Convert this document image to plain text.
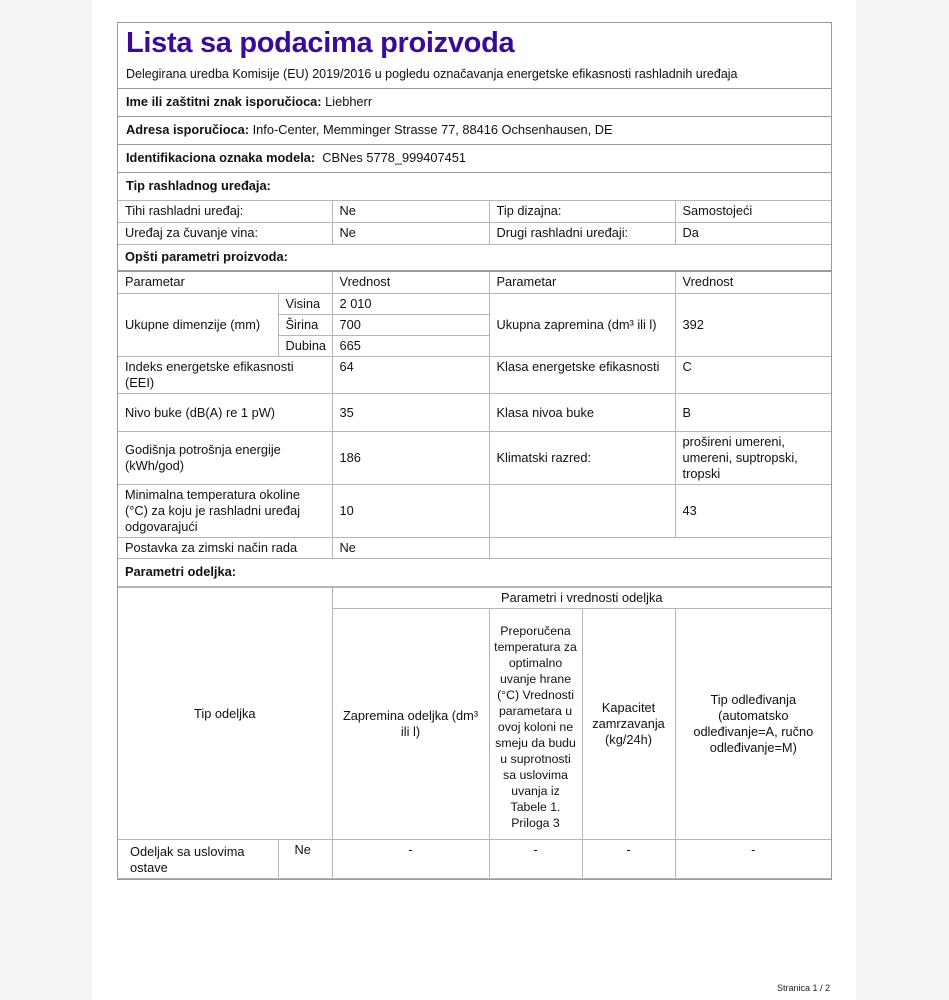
Lista sa podacima proizvoda
Delegirana uredba Komisije (EU) 2019/2016 u pogledu označavanja energetske efikasnosti rashladnih uređaja
Ime ili zaštitni znak isporučioca: Liebherr
Adresa isporučioca: Info-Center, Memminger Strasse 77, 88416 Ochsenhausen, DE
Identifikaciona oznaka modela: CBNes 5778_999407451
Tip rashladnog uređaja:
Tihi rashladni uređaj:		Ne	Tip dizajna:	Samostojeći
Uređaj za čuvanje vina:		Ne	Drugi rashladni uređaji:	Da
Opšti parametri proizvoda:				
Parametar		Vrednost	Parametar	Vrednost
Ukupne dimenzije (mm)	Visina	2 010	Ukupna zapremina (dm³ ili l)	392
	Širina	700		
	Dubina	665		
Indeks energetske efikasnosti (EEI)		64	Klasa energetske efikasnosti	C
Nivo buke (dB(A) re 1 pW)		35	Klasa nivoa buke	B
Godišnja potrošnja energije (kWh/god)		186	Klimatski razred:	prošireni umereni, umereni, suptropski, tropski
Minimalna temperatura okoline (°C) za koju je rashladni uređaj odgovarajući		10		43
Postavka za zimski način rada		Ne		
Parametri odeljka:				
Tip odeljka		Parametri i vrednosti odeljka			
		Zapremina odeljka (dm³ ili l)	Preporučena temperatura za optimalno uvanje hrane (°C) Vrednosti parametara u ovoj koloni ne smeju da budu u suprotnosti sa uslovima uvanja iz Tabele 1. Priloga 3	Kapacitet zamrzavanja (kg/24h)	Tip odleđivanja (automatsko odleđivanje=A, ručno odleđivanje=M)
Odeljak sa uslovima ostave	Ne	-	-	-	-
Stranica 1 / 2
